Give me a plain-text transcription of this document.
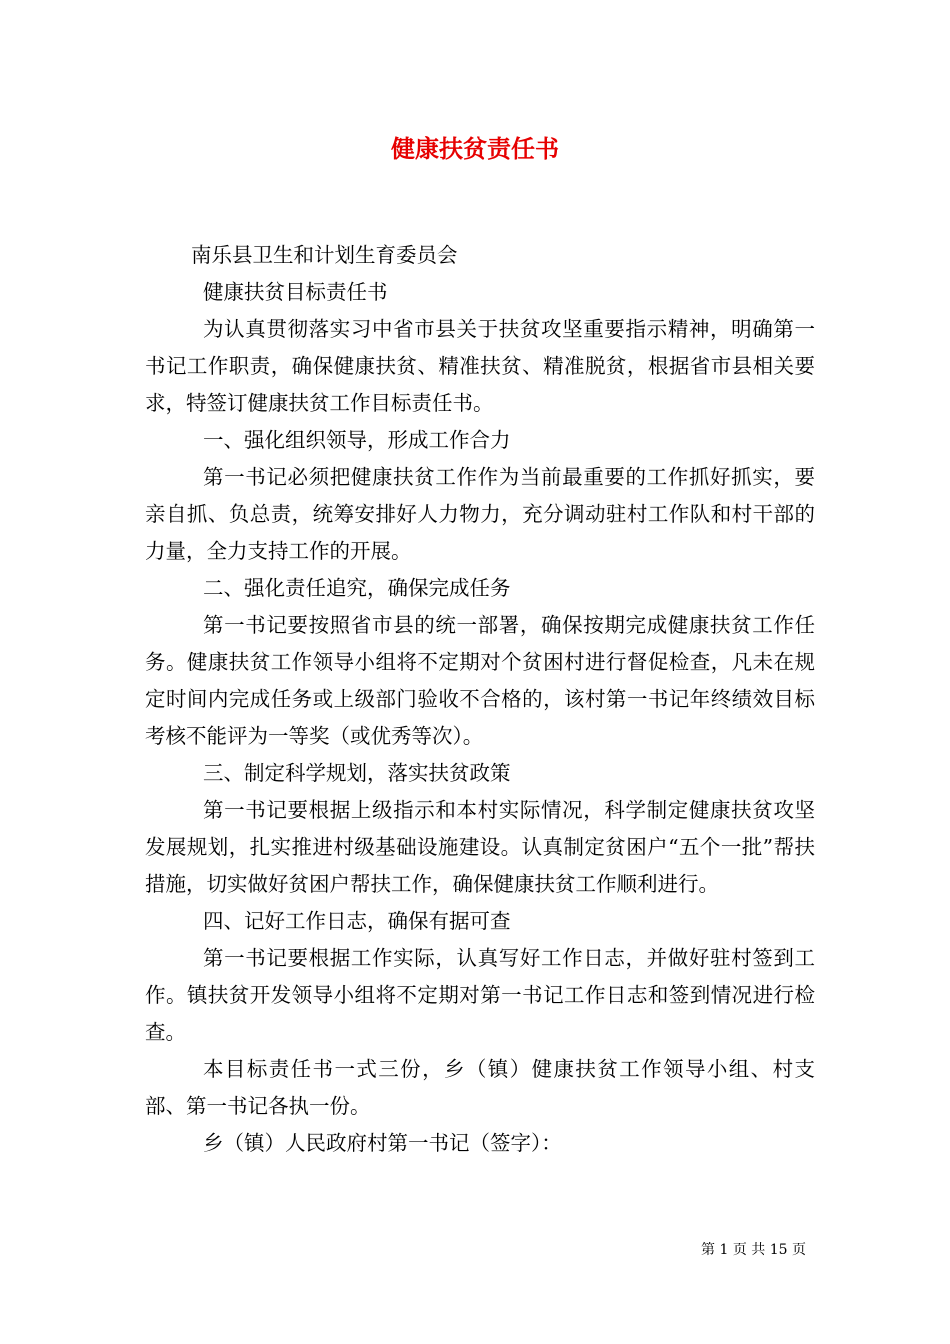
健康扶贫责任书

南乐县卫生和计划生育委员会

健康扶贫目标责任书

为认真贯彻落实习中省市县关于扶贫攻坚重要指示精神，明确第一书记工作职责，确保健康扶贫、精准扶贫、精准脱贫，根据省市县相关要求，特签订健康扶贫工作目标责任书。

一、强化组织领导，形成工作合力

第一书记必须把健康扶贫工作作为当前最重要的工作抓好抓实，要亲自抓、负总责，统筹安排好人力物力，充分调动驻村工作队和村干部的力量，全力支持工作的开展。

二、强化责任追究，确保完成任务

第一书记要按照省市县的统一部署，确保按期完成健康扶贫工作任务。健康扶贫工作领导小组将不定期对个贫困村进行督促检查，凡未在规定时间内完成任务或上级部门验收不合格的，该村第一书记年终绩效目标考核不能评为一等奖（或优秀等次）。

三、制定科学规划，落实扶贫政策

第一书记要根据上级指示和本村实际情况，科学制定健康扶贫攻坚发展规划，扎实推进村级基础设施建设。认真制定贫困户“五个一批”帮扶措施，切实做好贫困户帮扶工作，确保健康扶贫工作顺利进行。

四、记好工作日志，确保有据可查

第一书记要根据工作实际，认真写好工作日志，并做好驻村签到工作。镇扶贫开发领导小组将不定期对第一书记工作日志和签到情况进行检查。

本目标责任书一式三份，乡（镇）健康扶贫工作领导小组、村支部、第一书记各执一份。

乡（镇）人民政府村第一书记（签字）：

第 1 页 共 15 页
